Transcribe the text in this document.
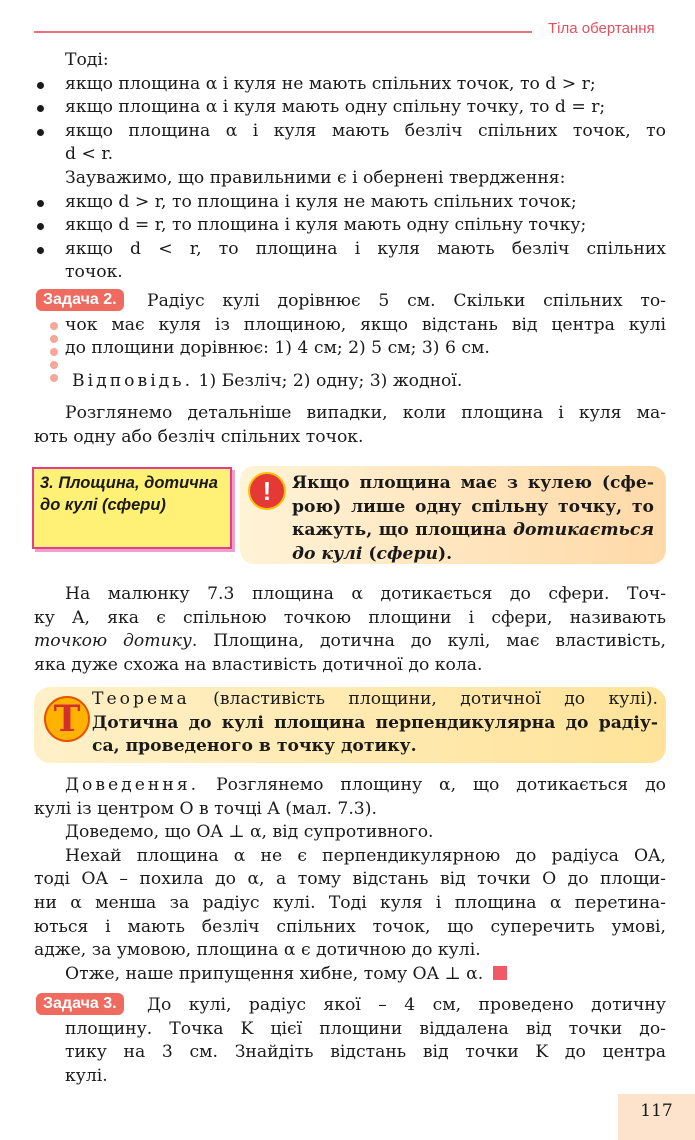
Тіла обертання
Тоді:
якщо площина α і куля не мають спільних точок, то d > r;
якщо площина α і куля мають одну спільну точку, то d = r;
якщо площина α і куля мають безліч спільних точок, то
d < r.
Зауважимо, що правильними є і обернені твердження:
якщо d > r, то площина і куля не мають спільних точок;
якщо d = r, то площина і куля мають одну спільну точку;
якщо d < r, то площина і куля мають безліч спільних
точок.
Задача 2.	Радіус кулі дорівнює 5 см. Скільки спільних то-
чок має куля із площиною, якщо відстань від центра кулі
до площини дорівнює: 1) 4 см; 2) 5 см; 3) 6 см.
Відповідь. 1) Безліч; 2) одну; 3) жодної.
Розглянемо детальніше випадки, коли площина і куля ма-
ють одну або безліч спільних точок.
3. Площина, дотична до кулі (сфери)	!	Якщо площина має з кулею (сфе-
рою) лише одну спільну точку, то
кажуть, що площина дотикається
до кулі (сфери).
На малюнку 7.3 площина α дотикається до сфери. Точ-
ку A, яка є спільною точкою площини і сфери, називають
точкою дотику. Площина, дотична до кулі, має властивість,
яка дуже схожа на властивість дотичної до кола.
T Теорема (властивість площини, дотичної до кулі).
Дотична до кулі площина перпендикулярна до радіу-
са, проведеного в точку дотику.
Доведення. Розглянемо площину α, що дотикається до
кулі із центром O в точці A (мал. 7.3).
Доведемо, що OA ⊥ α, від супротивного.
Нехай площина α не є перпендикулярною до радіуса OA,
тоді OA – похила до α, а тому відстань від точки O до площи-
ни α менша за радіус кулі. Тоді куля і площина α перетина-
ються і мають безліч спільних точок, що суперечить умові,
адже, за умовою, площина α є дотичною до кулі.
Отже, наше припущення хибне, тому OA ⊥ α.
Задача 3.	До кулі, радіус якої – 4 см, проведено дотичну
площину. Точка K цієї площини віддалена від точки до-
тику на 3 см. Знайдіть відстань від точки K до центра
кулі.
117
